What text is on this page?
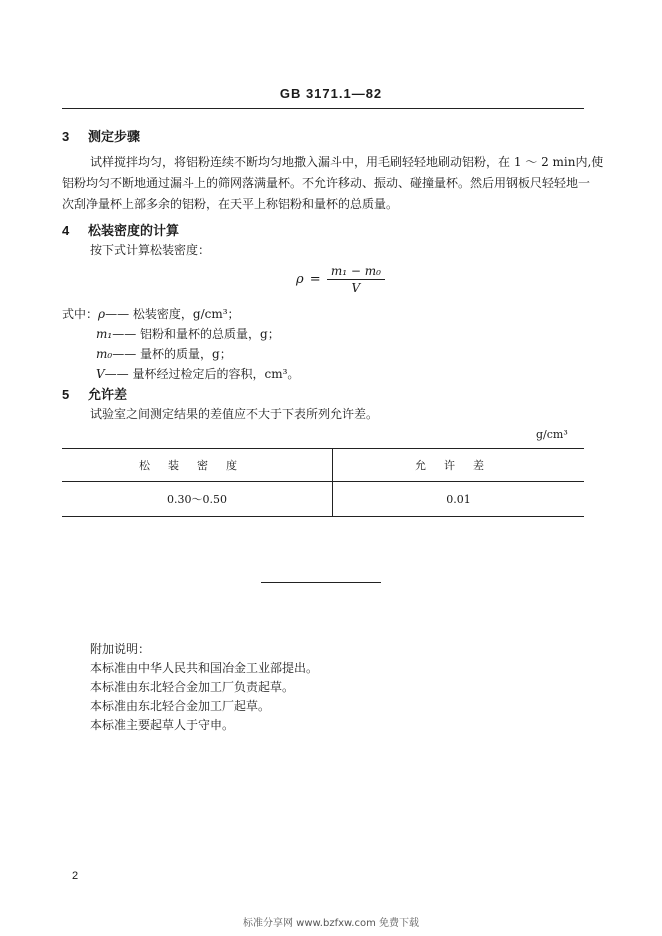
GB 3171.1—82
3 测定步骤
试样搅拌均匀，将铝粉连续不断均匀地撒入漏斗中，用毛刷轻轻地刷动铝粉，在 1 ～ 2 min内,使
铝粉均匀不断地通过漏斗上的筛网落满量杯。不允许移动、振动、碰撞量杯。然后用钢板尺轻轻地一
次刮净量杯上部多余的铝粉，在天平上称铝粉和量杯的总质量。
4 松装密度的计算
按下式计算松装密度：
$\rho = \frac{\text{m₁ − m₀}}{V}$
式中：ρ—— 松装密度，g/cm³；
m₁—— 铝粉和量杯的总质量，g；
m₀—— 量杯的质量，g；
V—— 量杯经过检定后的容积，cm³。
5 允许差
试验室之间测定结果的差值应不大于下表所列允许差。
g/cm³
松装密度	允许差
0.30～0.50	0.01
附加说明：
本标准由中华人民共和国冶金工业部提出。
本标准由东北轻合金加工厂负责起草。
本标准由东北轻合金加工厂起草。
本标准主要起草人于守申。
2
标准分享网 www.bzfxw.com 免费下载
